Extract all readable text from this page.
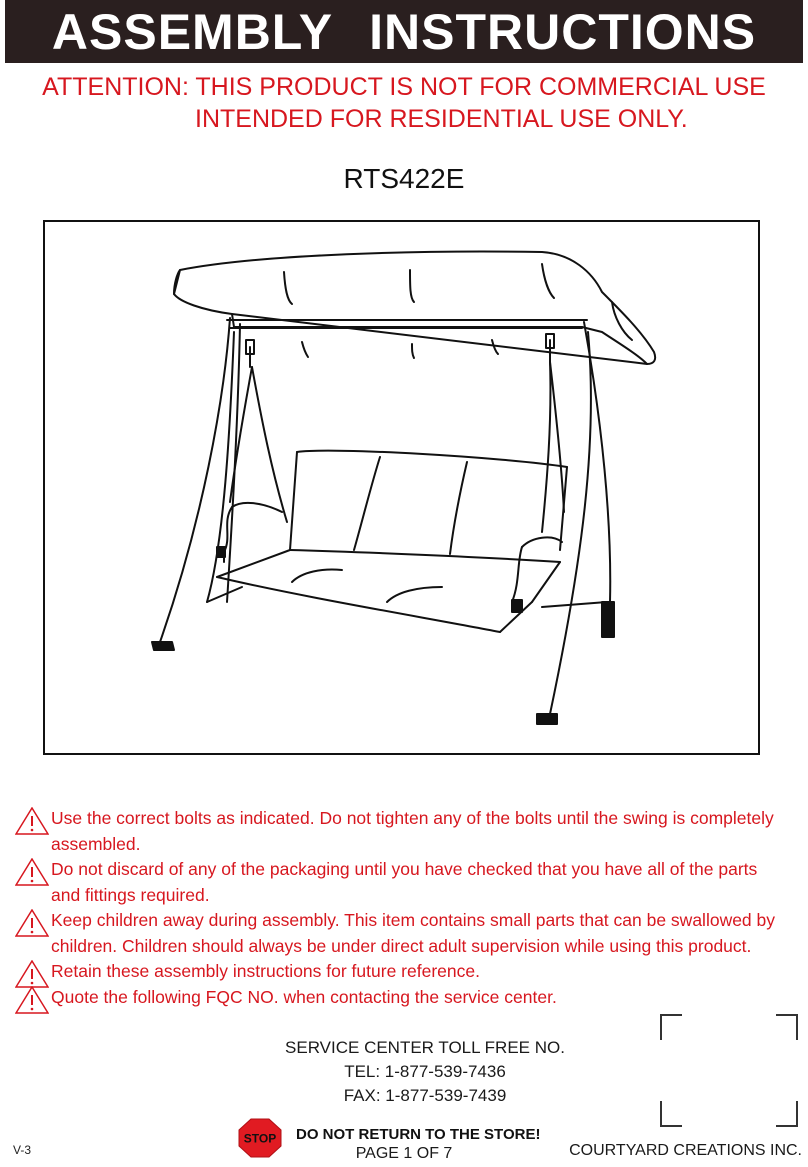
ASSEMBLY INSTRUCTIONS
ATTENTION: THIS PRODUCT IS NOT FOR COMMERCIAL USE
INTENDED FOR RESIDENTIAL USE ONLY.
RTS422E
Use the correct bolts as indicated. Do not tighten any of the bolts until the swing is completely assembled.
Do not discard of any of the packaging until you have checked that you have all of the parts and fittings required.
Keep children away during assembly. This item contains small parts that can be swallowed by children. Children should always be under direct adult supervision while using this product.
Retain these assembly instructions for future reference.
Quote the following FQC NO. when contacting the service center.
SERVICE CENTER TOLL FREE NO.
TEL: 1-877-539-7436
FAX: 1-877-539-7439
STOP DO NOT RETURN TO THE STORE!
V-3	PAGE 1 OF 7	COURTYARD CREATIONS INC.
